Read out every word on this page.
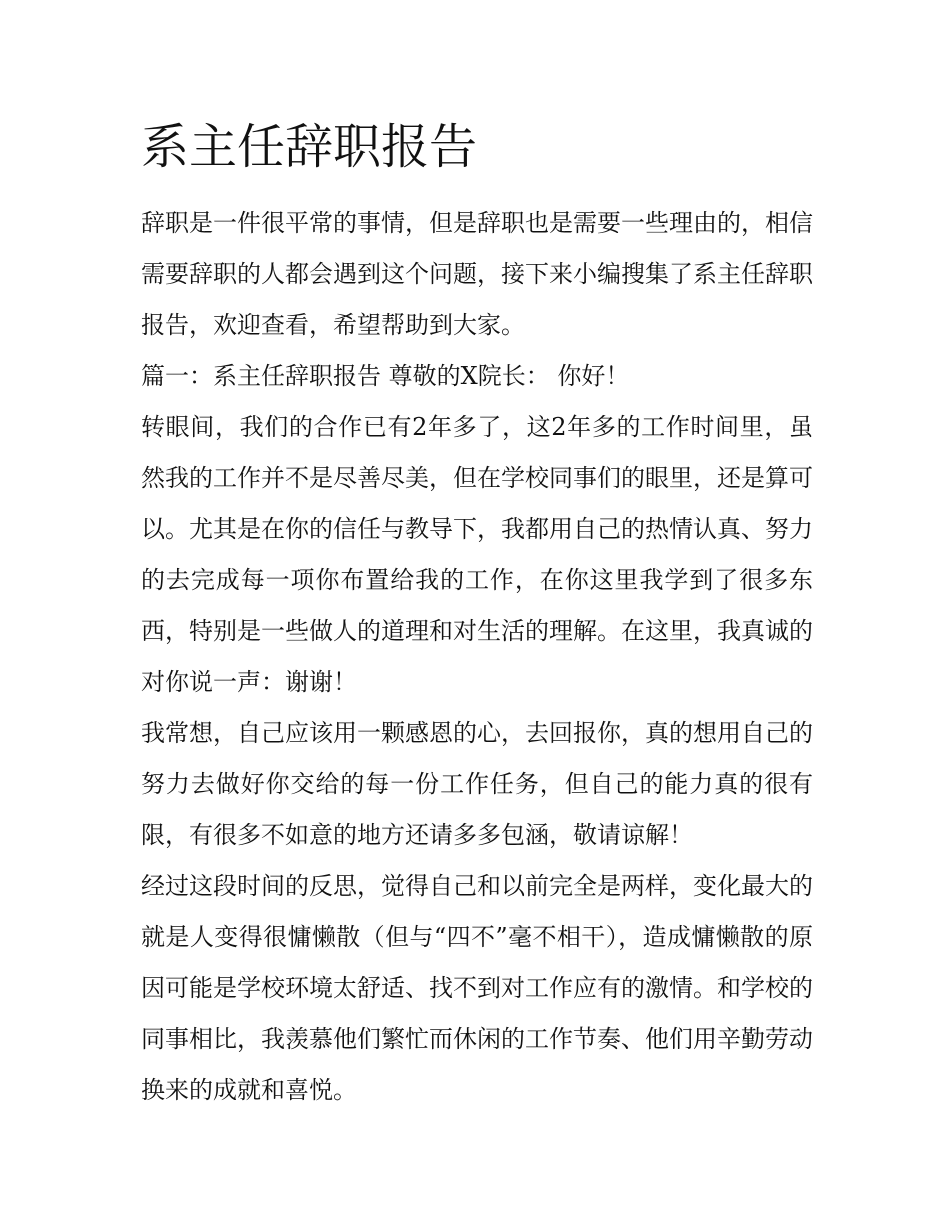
系主任辞职报告

辞职是一件很平常的事情，但是辞职也是需要一些理由的，相信需要辞职的人都会遇到这个问题，接下来小编搜集了系主任辞职报告，欢迎查看，希望帮助到大家。

篇一：系主任辞职报告 尊敬的X院长： 你好！

转眼间，我们的合作已有2年多了，这2年多的工作时间里，虽然我的工作并不是尽善尽美，但在学校同事们的眼里，还是算可以。尤其是在你的信任与教导下，我都用自己的热情认真、努力的去完成每一项你布置给我的工作，在你这里我学到了很多东西，特别是一些做人的道理和对生活的理解。在这里，我真诚的对你说一声：谢谢！

我常想，自己应该用一颗感恩的心，去回报你，真的想用自己的努力去做好你交给的每一份工作任务，但自己的能力真的很有限，有很多不如意的地方还请多多包涵，敬请谅解！

经过这段时间的反思，觉得自己和以前完全是两样，变化最大的就是人变得很慵懒散（但与“四不”毫不相干），造成慵懒散的原因可能是学校环境太舒适、找不到对工作应有的激情。和学校的同事相比，我羡慕他们繁忙而休闲的工作节奏、他们用辛勤劳动换来的成就和喜悦。
